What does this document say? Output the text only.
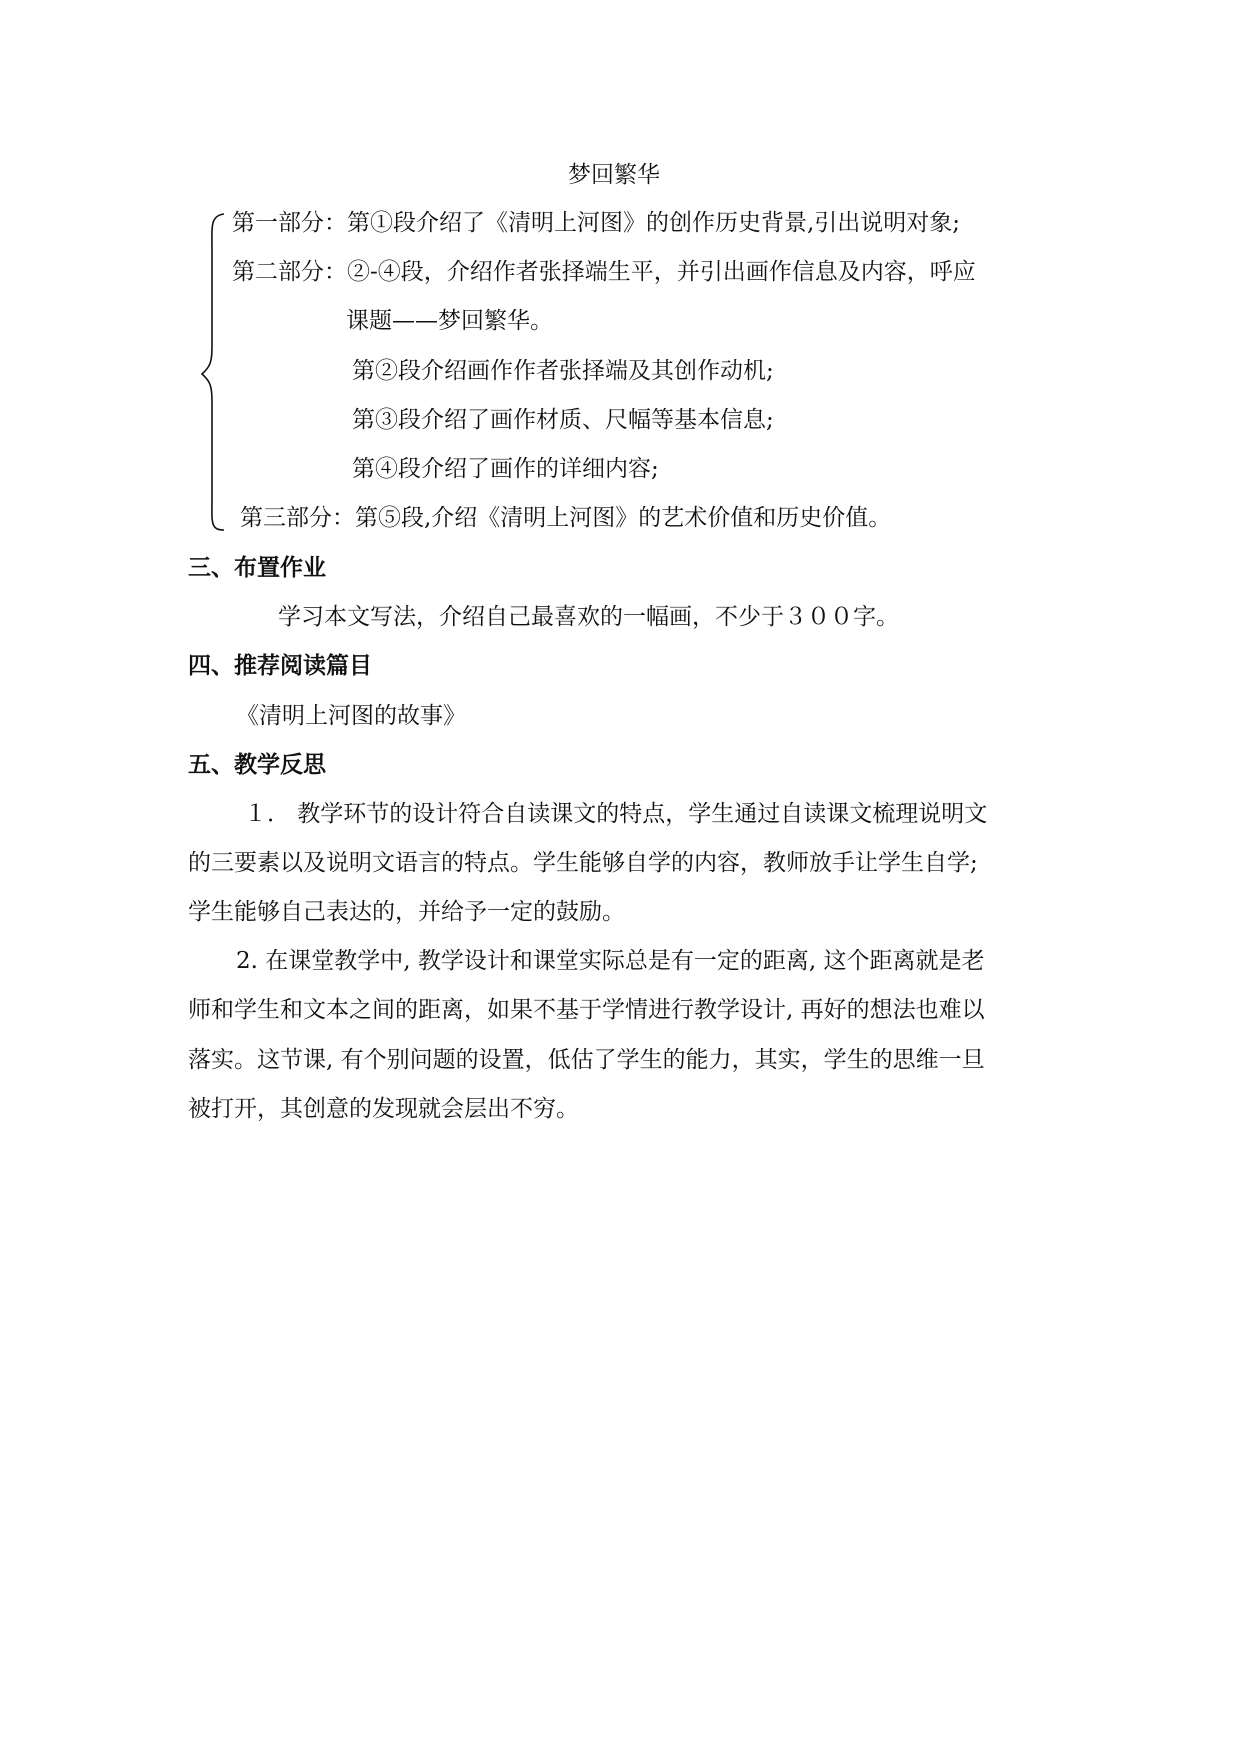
梦回繁华
第一部分：第①段介绍了《清明上河图》的创作历史背景,引出说明对象;
第二部分：②-④段，介绍作者张择端生平，并引出画作信息及内容，呼应
课题——梦回繁华。
第②段介绍画作作者张择端及其创作动机;
第③段介绍了画作材质、尺幅等基本信息;
第④段介绍了画作的详细内容;
第三部分：第⑤段,介绍《清明上河图》的艺术价值和历史价值。
三、布置作业
学习本文写法，介绍自己最喜欢的一幅画，不少于３００字。
四、推荐阅读篇目
《清明上河图的故事》
五、教学反思
１． 教学环节的设计符合自读课文的特点，学生通过自读课文梳理说明文
的三要素以及说明文语言的特点。学生能够自学的内容，教师放手让学生自学;
学生能够自己表达的，并给予一定的鼓励。
2. 在课堂教学中, 教学设计和课堂实际总是有一定的距离, 这个距离就是老
师和学生和文本之间的距离，如果不基于学情进行教学设计, 再好的想法也难以
落实。这节课, 有个别问题的设置，低估了学生的能力，其实，学生的思维一旦
被打开，其创意的发现就会层出不穷。
